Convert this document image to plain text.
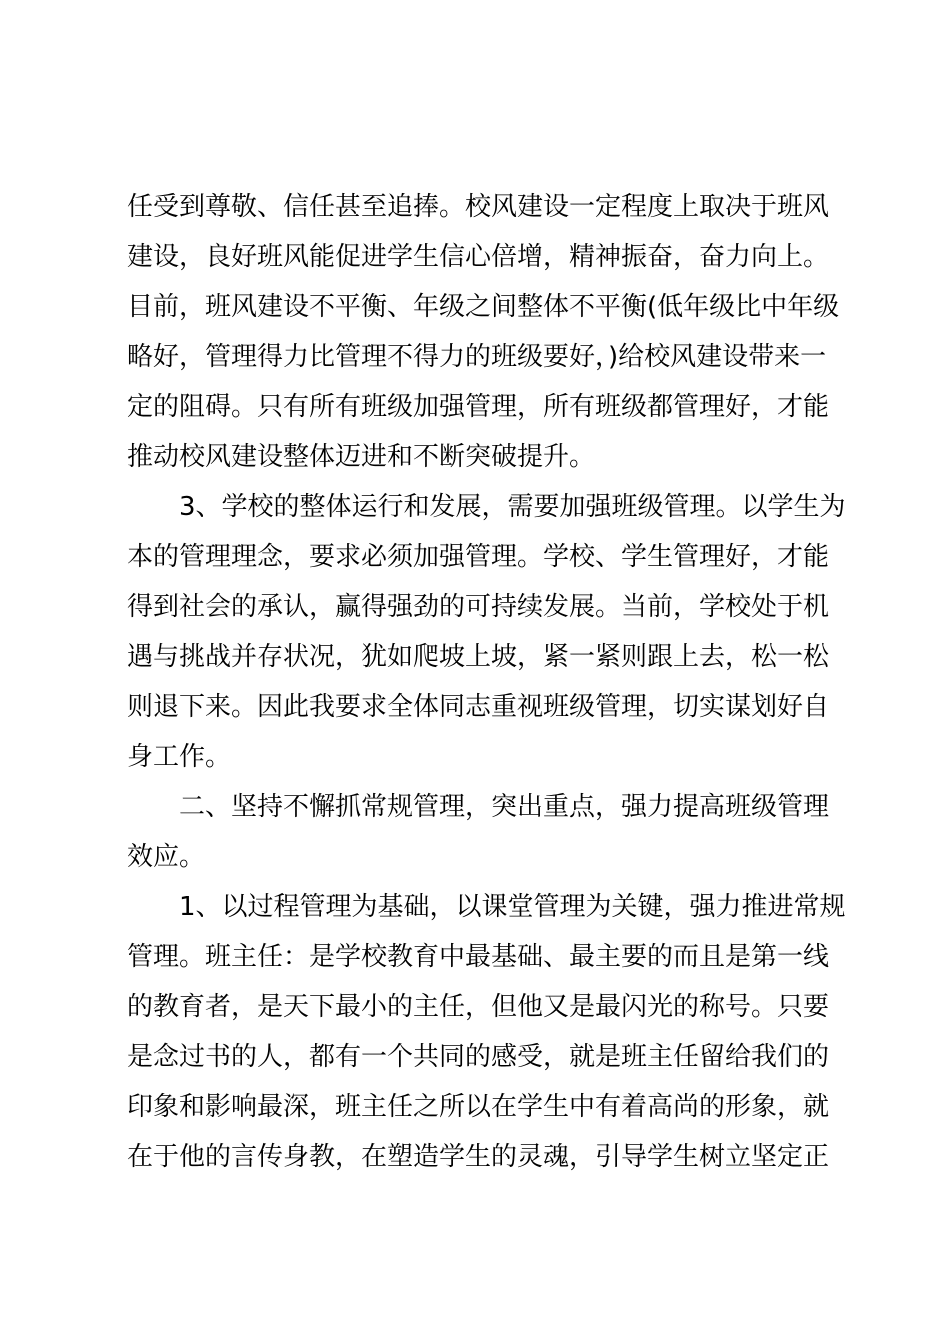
任受到尊敬、信任甚至追捧。校风建设一定程度上取决于班风
建设，良好班风能促进学生信心倍增，精神振奋，奋力向上。
目前，班风建设不平衡、年级之间整体不平衡(低年级比中年级
略好，管理得力比管理不得力的班级要好，)给校风建设带来一
定的阻碍。只有所有班级加强管理，所有班级都管理好，才能
推动校风建设整体迈进和不断突破提升。
3、学校的整体运行和发展，需要加强班级管理。以学生为
本的管理理念，要求必须加强管理。学校、学生管理好，才能
得到社会的承认，赢得强劲的可持续发展。当前，学校处于机
遇与挑战并存状况，犹如爬坡上坡，紧一紧则跟上去，松一松
则退下来。因此我要求全体同志重视班级管理，切实谋划好自
身工作。
二、坚持不懈抓常规管理，突出重点，强力提高班级管理
效应。
1、以过程管理为基础，以课堂管理为关键，强力推进常规
管理。班主任：是学校教育中最基础、最主要的而且是第一线
的教育者，是天下最小的主任，但他又是最闪光的称号。只要
是念过书的人，都有一个共同的感受，就是班主任留给我们的
印象和影响最深，班主任之所以在学生中有着高尚的形象，就
在于他的言传身教，在塑造学生的灵魂，引导学生树立坚定正
